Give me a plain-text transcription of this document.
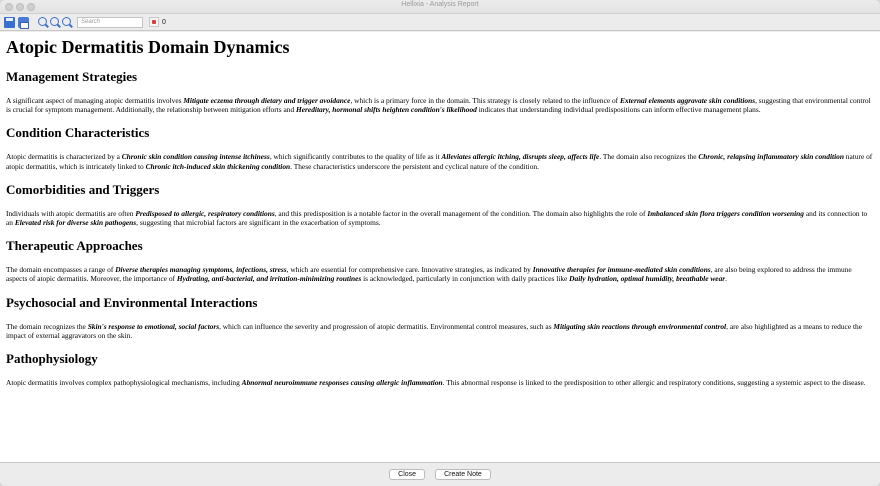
Hellixia - Analysis Report
Search	0
Atopic Dermatitis Domain Dynamics
Management Strategies

A significant aspect of managing atopic dermatitis involves Mitigate eczema through dietary and trigger avoidance, which is a primary force in the domain. This strategy is closely related to the influence of External elements aggravate skin conditions, suggesting that environmental control is crucial for symptom management. Additionally, the relationship between mitigation efforts and Hereditary, hormonal shifts heighten condition's likelihood indicates that understanding individual predispositions can inform effective management plans.

Condition Characteristics

Atopic dermatitis is characterized by a Chronic skin condition causing intense itchiness, which significantly contributes to the quality of life as it Alleviates allergic itching, disrupts sleep, affects life. The domain also recognizes the Chronic, relapsing inflammatory skin condition nature of atopic dermatitis, which is intricately linked to Chronic itch-induced skin thickening condition. These characteristics underscore the persistent and cyclical nature of the condition.

Comorbidities and Triggers

Individuals with atopic dermatitis are often Predisposed to allergic, respiratory conditions, and this predisposition is a notable factor in the overall management of the condition. The domain also highlights the role of Imbalanced skin flora triggers condition worsening and its connection to an Elevated risk for diverse skin pathogens, suggesting that microbial factors are significant in the exacerbation of symptoms.

Therapeutic Approaches

The domain encompasses a range of Diverse therapies managing symptoms, infections, stress, which are essential for comprehensive care. Innovative strategies, as indicated by Innovative therapies for immune-mediated skin conditions, are also being explored to address the immune aspects of atopic dermatitis. Moreover, the importance of Hydrating, anti-bacterial, and irritation-minimizing routines is acknowledged, particularly in conjunction with daily practices like Daily hydration, optimal humidity, breathable wear.

Psychosocial and Environmental Interactions

The domain recognizes the Skin's response to emotional, social factors, which can influence the severity and progression of atopic dermatitis. Environmental control measures, such as Mitigating skin reactions through environmental control, are also highlighted as a means to reduce the impact of external aggravators on the skin.

Pathophysiology

Atopic dermatitis involves complex pathophysiological mechanisms, including Abnormal neuroimmune responses causing allergic inflammation. This abnormal response is linked to the predisposition to other allergic and respiratory conditions, suggesting a systemic aspect to the disease.

Close	Create Note
